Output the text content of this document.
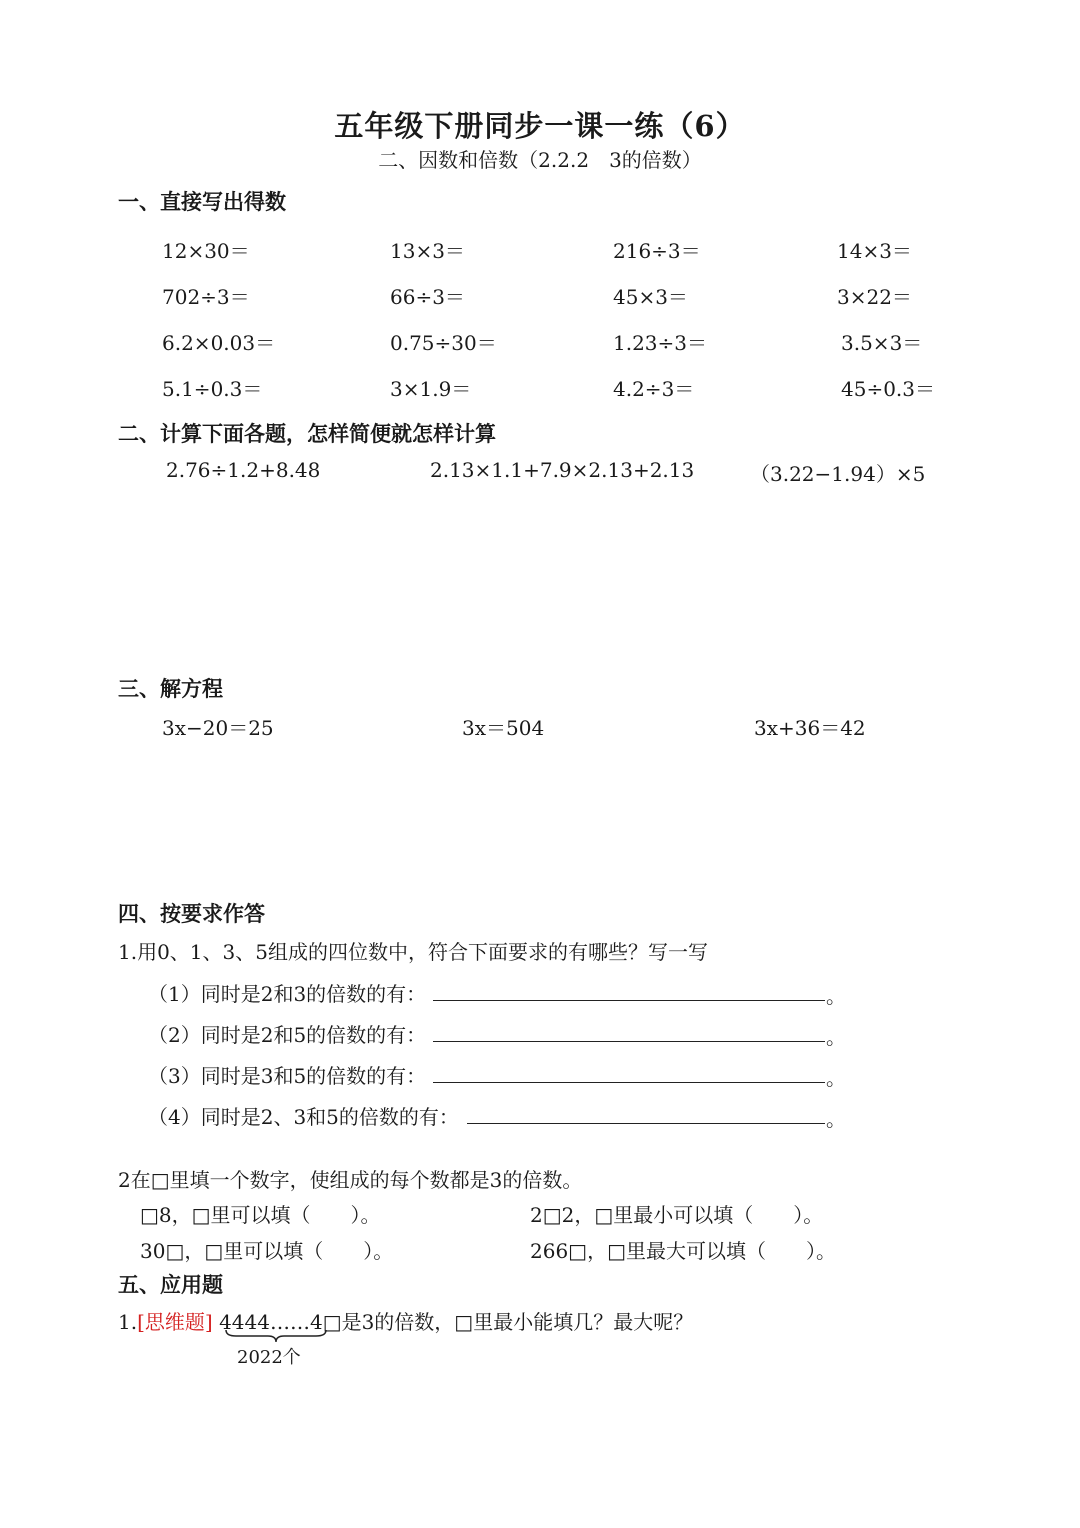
五年级下册同步一课一练（6）
二、因数和倍数（2.2.2　3的倍数）
一、直接写出得数
12×30＝	13×3＝	216÷3＝	14×3＝
702÷3＝	66÷3＝	45×3＝	3×22＝
6.2×0.03＝	0.75÷30＝	1.23÷3＝	3.5×3＝
5.1÷0.3＝	3×1.9＝	4.2÷3＝	45÷0.3＝
二、计算下面各题，怎样简便就怎样计算
2.76÷1.2+8.48	2.13×1.1+7.9×2.13+2.13	（3.22−1.94）×5
三、解方程
3x−20＝25	3x＝504	3x+36＝42
四、按要求作答
1.用0、1、3、5组成的四位数中，符合下面要求的有哪些？写一写
（1）同时是2和3的倍数的有：	。
（2）同时是2和5的倍数的有：	。
（3）同时是3和5的倍数的有：	。
（4）同时是2、3和5的倍数的有：	。
2在□里填一个数字，使组成的每个数都是3的倍数。
□8，□里可以填（　　）。	2□2，□里最小可以填（　　）。
30□，□里可以填（　　）。	266□，□里最大可以填（　　）。
五、应用题
1.[思维题] 4444……4□是3的倍数，□里最小能填几？最大呢？
2022个
